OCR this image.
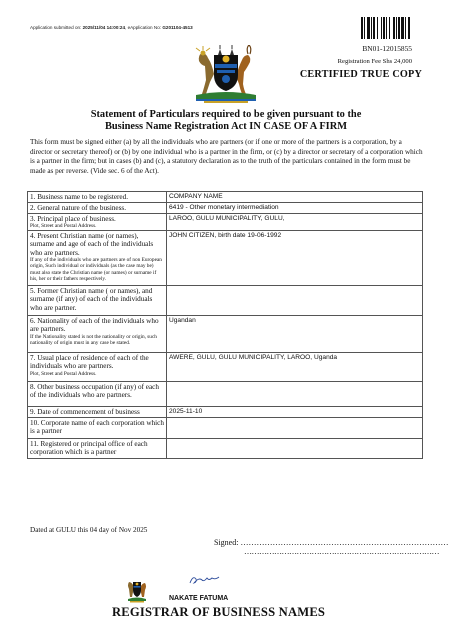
Application submitted on: 2025/11/04 14:00:24, eApplication No: G201104-4513
BN01-12015855
Registration Fee Shs 24,000
CERTIFIED TRUE COPY
Statement of Particulars required to be given pursuant to the
Business Name Registration Act IN CASE OF A FIRM
This form must be signed either (a) by all the individuals who are partners (or if one or more of the partners is a corporation, by a director or secretary thereof) or (b) by one individual who is a partner in the firm, or (c) by a director or secretary of a corporation which is a partner in the firm; but in cases (b) and (c), a statutory declaration as to the truth of the particulars contained in the form must be made as per reverse. (Vide sec. 6 of the Act).
1. Business name to be registered.	COMPANY NAME
2. General nature of the business.	6419 - Other monetary intermediation
3. Principal place of business.
Plot, Street and Postal Address.	LAROO, GULU MUNICIPALITY, GULU,
4. Present Christian name (or names), surname and age of each of the individuals who are partners.
If any of the individuals who are partners are of non European origin, Such individual or individuals (as the case may be) must also state the Christian name (or names) or surname if his, her or their fathers respectively.	JOHN CITIZEN, birth date 19-06-1992
5. Former Christian name ( or names), and surname (if any) of each of the individuals who are partner.	
6. Nationality of each of the individuals who are partners.
If the Nationality stated is not the nationality or origin, such nationality of origin must in any case be stated.	Ugandan
7. Usual place of residence of each of the individuals who are partners.
Plot, Street and Postal Address.	AWERE, GULU, GULU MUNICIPALITY, LAROO, Uganda
8. Other business occupation (if any) of each of the individuals who are partners.	
9. Date of commencement of business	2025-11-10
10. Corporate name of each corporation which is a partner	
11. Registered or principal office of each corporation which is a partner	
Dated at GULU this 04 day of Nov 2025
Signed: ……………………………………………………………………
……………………………………………………………………
NAKATE FATUMA
REGISTRAR OF BUSINESS NAMES
